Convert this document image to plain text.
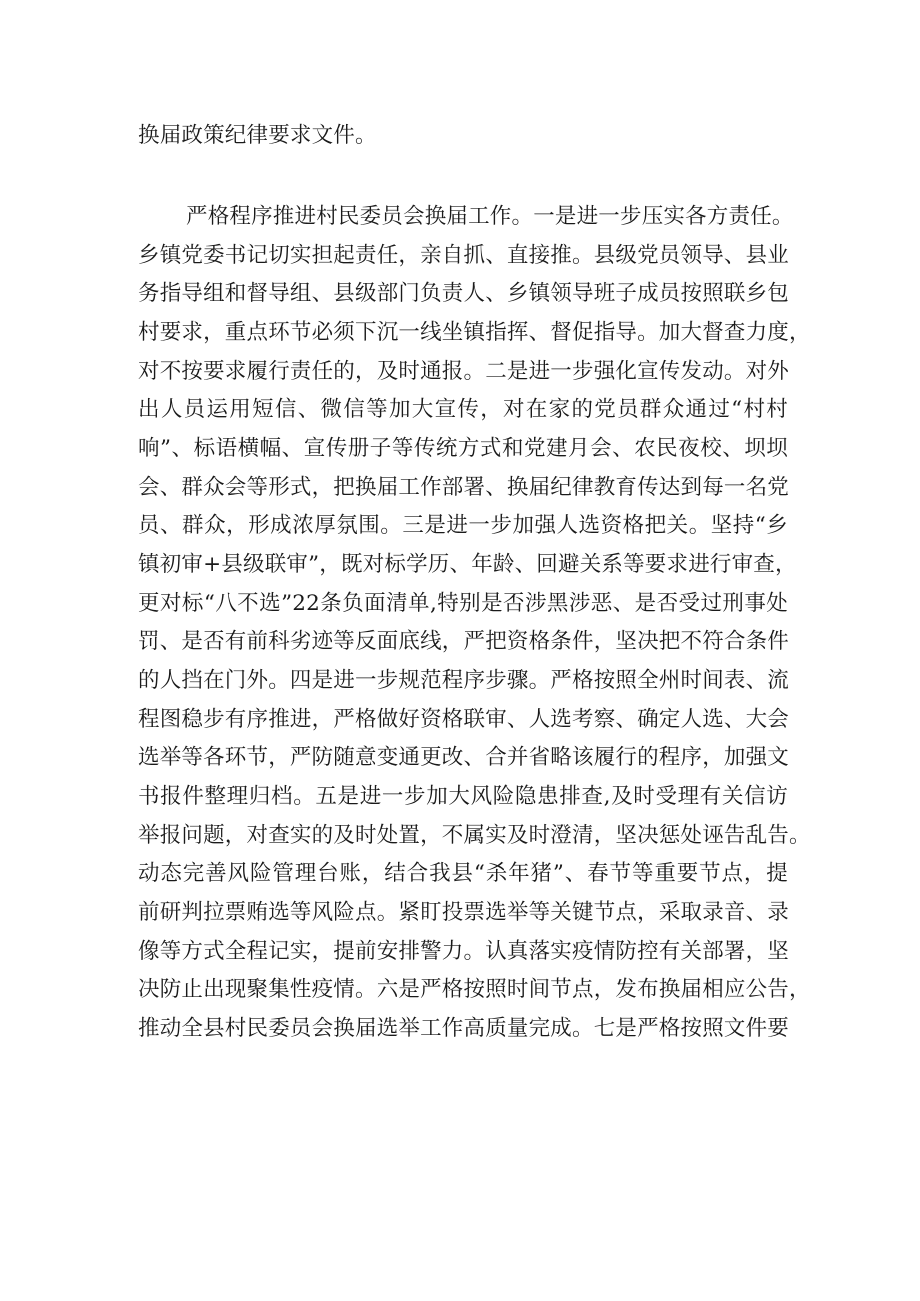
换届政策纪律要求文件。
严格程序推进村民委员会换届工作。一是进一步压实各方责任。
乡镇党委书记切实担起责任，亲自抓、直接推。县级党员领导、县业
务指导组和督导组、县级部门负责人、乡镇领导班子成员按照联乡包
村要求，重点环节必须下沉一线坐镇指挥、督促指导。加大督查力度，
对不按要求履行责任的，及时通报。二是进一步强化宣传发动。对外
出人员运用短信、微信等加大宣传，对在家的党员群众通过“村村
响”、标语横幅、宣传册子等传统方式和党建月会、农民夜校、坝坝
会、群众会等形式，把换届工作部署、换届纪律教育传达到每一名党
员、群众，形成浓厚氛围。三是进一步加强人选资格把关。坚持“乡
镇初审+县级联审”，既对标学历、年龄、回避关系等要求进行审查，
更对标“八不选”22条负面清单,特别是否涉黑涉恶、是否受过刑事处
罚、是否有前科劣迹等反面底线，严把资格条件，坚决把不符合条件
的人挡在门外。四是进一步规范程序步骤。严格按照全州时间表、流
程图稳步有序推进，严格做好资格联审、人选考察、确定人选、大会
选举等各环节，严防随意变通更改、合并省略该履行的程序，加强文
书报件整理归档。五是进一步加大风险隐患排查,及时受理有关信访
举报问题，对查实的及时处置，不属实及时澄清，坚决惩处诬告乱告。
动态完善风险管理台账，结合我县“杀年猪”、春节等重要节点，提
前研判拉票贿选等风险点。紧盯投票选举等关键节点，采取录音、录
像等方式全程记实，提前安排警力。认真落实疫情防控有关部署，坚
决防止出现聚集性疫情。六是严格按照时间节点，发布换届相应公告，
推动全县村民委员会换届选举工作高质量完成。七是严格按照文件要
